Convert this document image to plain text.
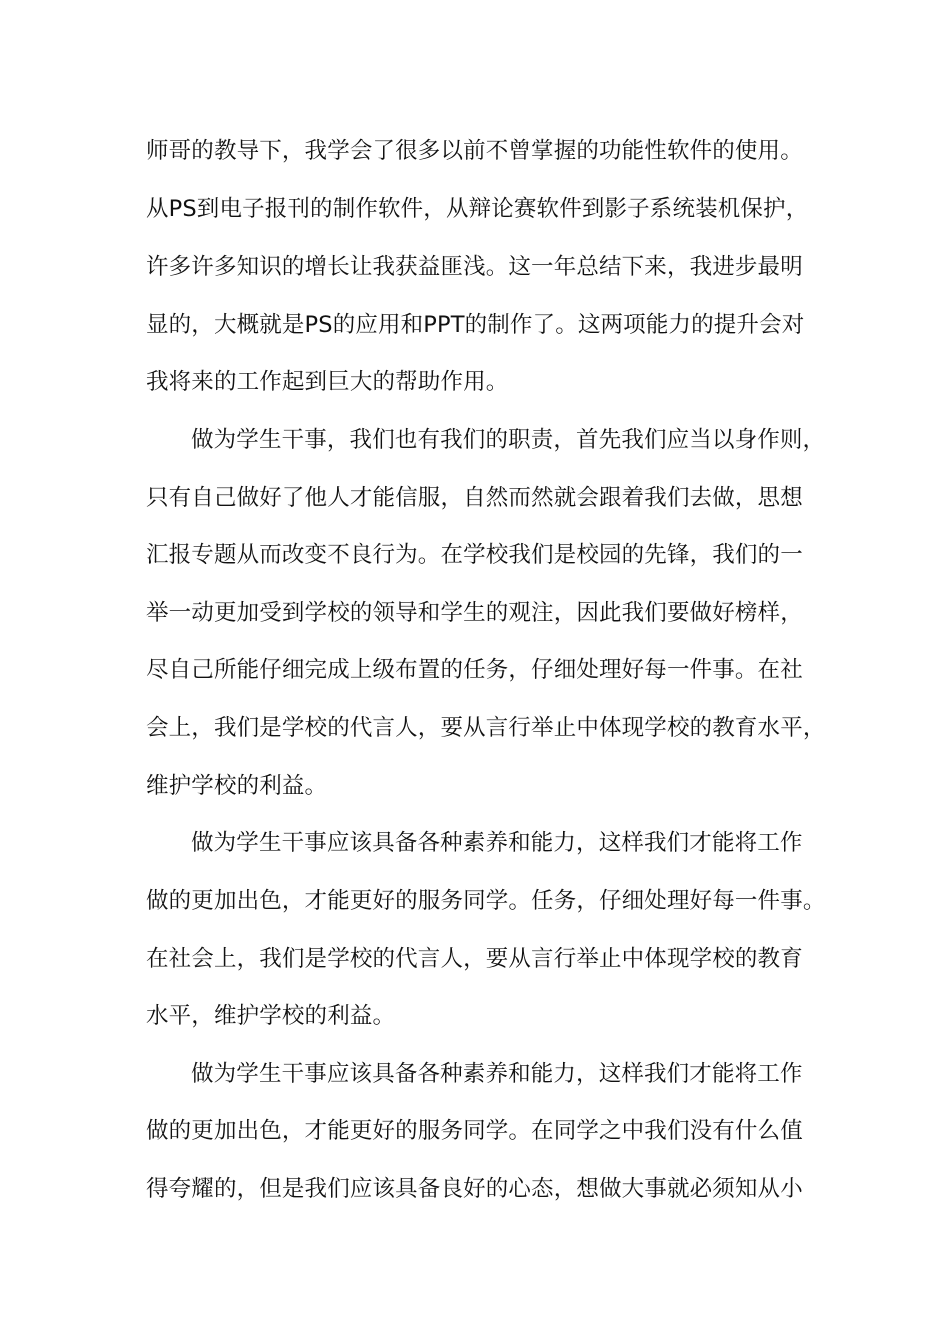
师哥的教导下，我学会了很多以前不曾掌握的功能性软件的使用。
从PS到电子报刊的制作软件，从辩论赛软件到影子系统装机保护，
许多许多知识的增长让我获益匪浅。这一年总结下来，我进步最明
显的，大概就是PS的应用和PPT的制作了。这两项能力的提升会对
我将来的工作起到巨大的帮助作用。
做为学生干事，我们也有我们的职责，首先我们应当以身作则，
只有自己做好了他人才能信服，自然而然就会跟着我们去做，思想
汇报专题从而改变不良行为。在学校我们是校园的先锋，我们的一
举一动更加受到学校的领导和学生的观注，因此我们要做好榜样，
尽自己所能仔细完成上级布置的任务，仔细处理好每一件事。在社
会上，我们是学校的代言人，要从言行举止中体现学校的教育水平，
维护学校的利益。
做为学生干事应该具备各种素养和能力，这样我们才能将工作
做的更加出色，才能更好的服务同学。任务，仔细处理好每一件事。
在社会上，我们是学校的代言人，要从言行举止中体现学校的教育
水平，维护学校的利益。
做为学生干事应该具备各种素养和能力，这样我们才能将工作
做的更加出色，才能更好的服务同学。在同学之中我们没有什么值
得夸耀的，但是我们应该具备良好的心态，想做大事就必须知从小
